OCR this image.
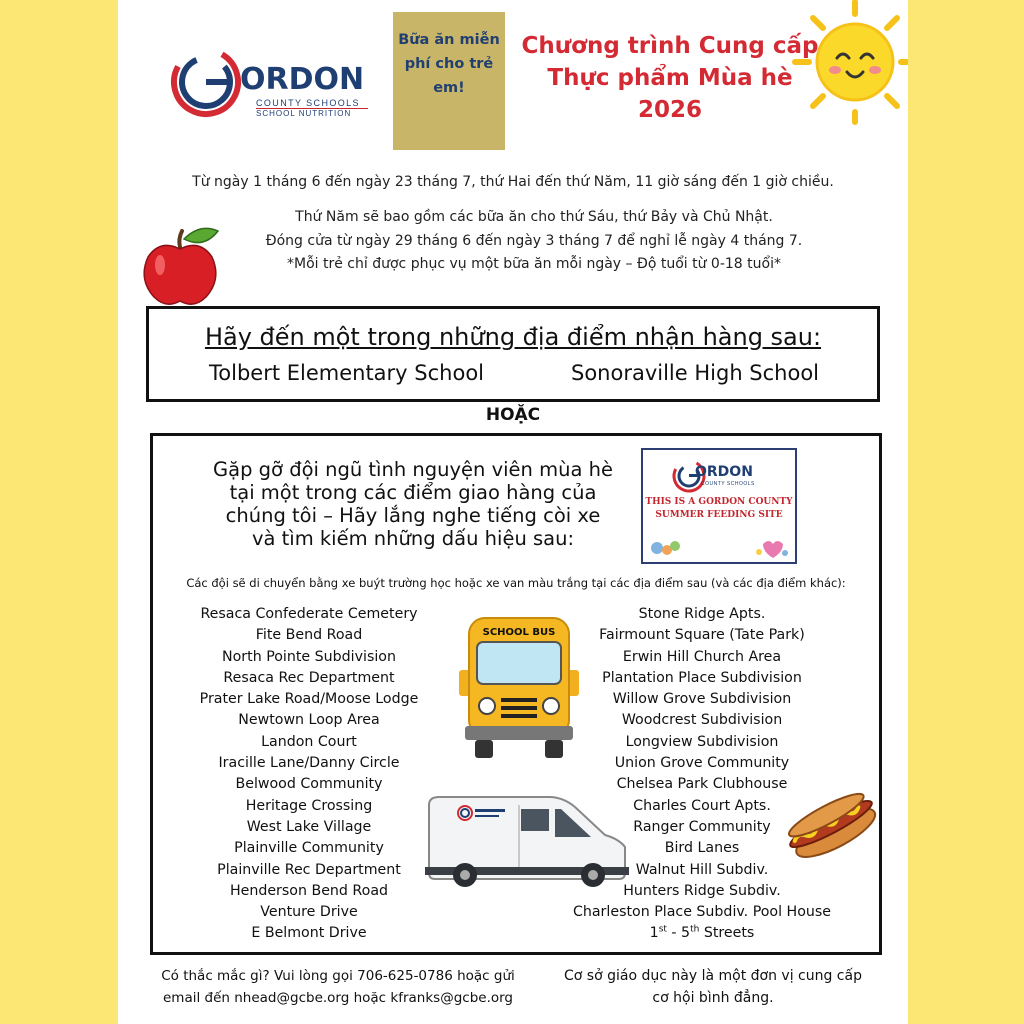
ORDON
COUNTY SCHOOLS
SCHOOL NUTRITION
Bữa ăn miễn phí cho trẻ em!
Chương trình Cung cấp Thực phẩm Mùa hè 2026
Từ ngày 1 tháng 6 đến ngày 23 tháng 7, thứ Hai đến thứ Năm, 11 giờ sáng đến 1 giờ chiều.
Thứ Năm sẽ bao gồm các bữa ăn cho thứ Sáu, thứ Bảy và Chủ Nhật.
Đóng cửa từ ngày 29 tháng 6 đến ngày 3 tháng 7 để nghỉ lễ ngày 4 tháng 7.
*Mỗi trẻ chỉ được phục vụ một bữa ăn mỗi ngày – Độ tuổi từ 0-18 tuổi*
Hãy đến một trong những địa điểm nhận hàng sau:
Tolbert Elementary School	Sonoraville High School
HOẶC
Gặp gỡ đội ngũ tình nguyện viên mùa hè tại một trong các điểm giao hàng của chúng tôi – Hãy lắng nghe tiếng còi xe và tìm kiếm những dấu hiệu sau:
ORDON
COUNTY SCHOOLS
THIS IS A GORDON COUNTY SUMMER FEEDING SITE
Các đội sẽ di chuyển bằng xe buýt trường học hoặc xe van màu trắng tại các địa điểm sau (và các địa điểm khác):
Resaca Confederate Cemetery
Fite Bend Road
North Pointe Subdivision
Resaca Rec Department
Prater Lake Road/Moose Lodge
Newtown Loop Area
Landon Court
Iracille Lane/Danny Circle
Belwood Community
Heritage Crossing
West Lake Village
Plainville Community
Plainville Rec Department
Henderson Bend Road
Venture Drive
E Belmont Drive
Stone Ridge Apts.
Fairmount Square (Tate Park)
Erwin Hill Church Area
Plantation Place Subdivision
Willow Grove Subdivision
Woodcrest Subdivision
Longview Subdivision
Union Grove Community
Chelsea Park Clubhouse
Charles Court Apts.
Ranger Community
Bird Lanes
Walnut Hill Subdiv.
Hunters Ridge Subdiv.
Charleston Place Subdiv. Pool House
1st - 5th Streets
SCHOOL BUS
Có thắc mắc gì? Vui lòng gọi 706-625-0786 hoặc gửi email đến nhead@gcbe.org hoặc kfranks@gcbe.org
Cơ sở giáo dục này là một đơn vị cung cấp cơ hội bình đẳng.
